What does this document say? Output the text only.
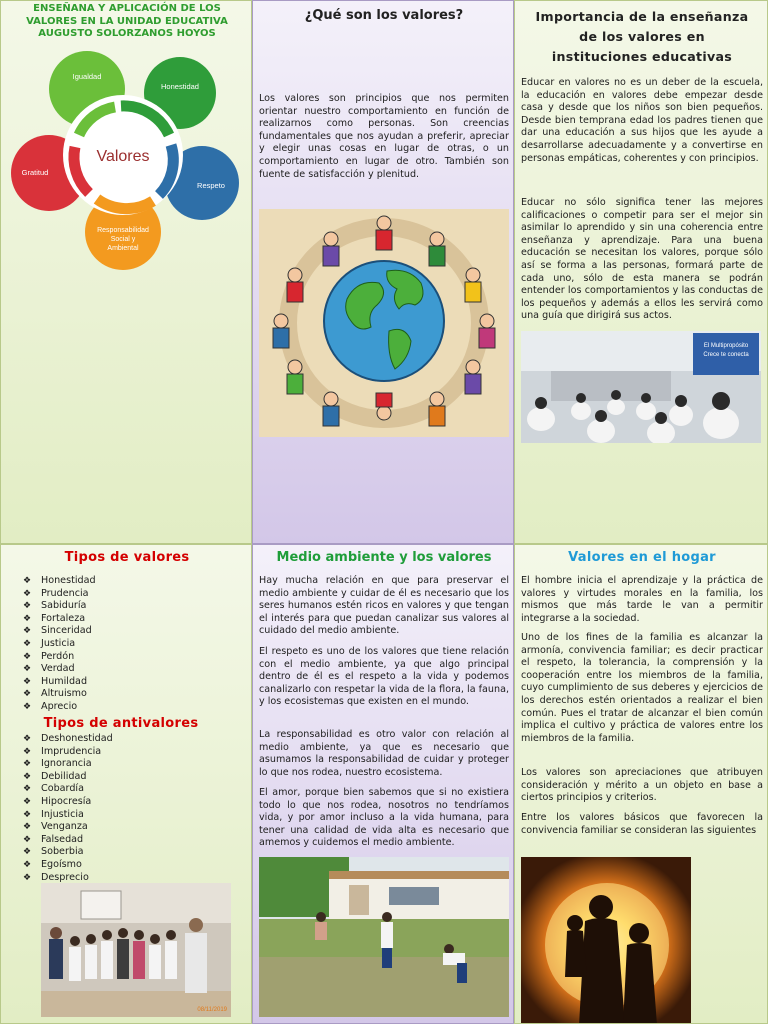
ENSEÑANA Y APLICACIÓN DE LOS
VALORES EN LA UNIDAD EDUCATIVA
AUGUSTO SOLORZANOS HOYOS
Valores
Igualdad
Honestidad
Gratitud
Respeto
Responsabilidad
Social y
Ambiental
¿Qué son los valores?

Los valores son principios que nos permiten orientar nuestro comportamiento en función de realizarnos como personas. Son creencias fundamentales que nos ayudan a preferir, apreciar y elegir unas cosas en lugar de otras, o un comportamiento en lugar de otro. También son fuente de satisfacción y plenitud.

Importancia de la enseñanza
de los valores en
instituciones educativas

Educar en valores no es un deber de la escuela, la educación en valores debe empezar desde casa y desde que los niños son bien pequeños. Desde bien temprana edad los padres tienen que dar una educación a sus hijos que les ayude a desarrollarse adecuadamente y a convertirse en personas empáticas, coherentes y con principios.

Educar no sólo significa tener las mejores calificaciones o competir para ser el mejor sin asimilar lo aprendido y sin una coherencia entre enseñanza y aprendizaje. Para una buena educación se necesitan los valores, porque sólo así se forma a las personas, formará parte de cada uno, sólo de esta manera se podrán entender los comportamientos y las conductas de los pequeños y además a ellos les servirá como una guía que dirigirá sus actos.

El Multipropósito
Crece te conecta
Tipos de valores
❖ Honestidad
❖ Prudencia
❖ Sabiduría
❖ Fortaleza
❖ Sinceridad
❖ Justicia
❖ Perdón
❖ Verdad
❖ Humildad
❖ Altruismo
❖ Aprecio
Tipos de antivalores
❖ Deshonestidad
❖ Imprudencia
❖ Ignorancia
❖ Debilidad
❖ Cobardía
❖ Hipocresía
❖ Injusticia
❖ Venganza
❖ Falsedad
❖ Soberbia
❖ Egoísmo
❖ Desprecio
08/11/2019
Medio ambiente y los valores

Hay mucha relación en que para preservar el medio ambiente y cuidar de él es necesario que los seres humanos estén ricos en valores y que tengan el interés para que puedan canalizar sus valores al cuidado del medio ambiente.

El respeto es uno de los valores que tiene relación con el medio ambiente, ya que algo principal dentro de él es el respeto a la vida y podemos canalizarlo con respetar la vida de la flora, la fauna, y los ecosistemas que existen en el mundo.

La responsabilidad es otro valor con relación al medio ambiente, ya que es necesario que asumamos la responsabilidad de cuidar y proteger lo que nos rodea, nuestro ecosistema.

El amor, porque bien sabemos que si no existiera todo lo que nos rodea, nosotros no tendríamos vida, y por amor incluso a la vida humana, para tener una calidad de vida alta es necesario que amemos y cuidemos el medio ambiente.

Valores en el hogar

El hombre inicia el aprendizaje y la práctica de valores y virtudes morales en la familia, los mismos que más tarde le van a permitir integrarse a la sociedad.

Uno de los fines de la familia es alcanzar la armonía, convivencia familiar; es decir practicar el respeto, la tolerancia, la comprensión y la cooperación entre los miembros de la familia, cuyo cumplimiento de sus deberes y ejercicios de los derechos estén orientados a realizar el bien común. Pues el tratar de alcanzar el bien común implica el cultivo y práctica de valores entre los miembros de la familia.

Los valores son apreciaciones que atribuyen consideración y mérito a un objeto en base a ciertos principios y criterios.

Entre los valores básicos que favorecen la convivencia familiar se consideran las siguientes
